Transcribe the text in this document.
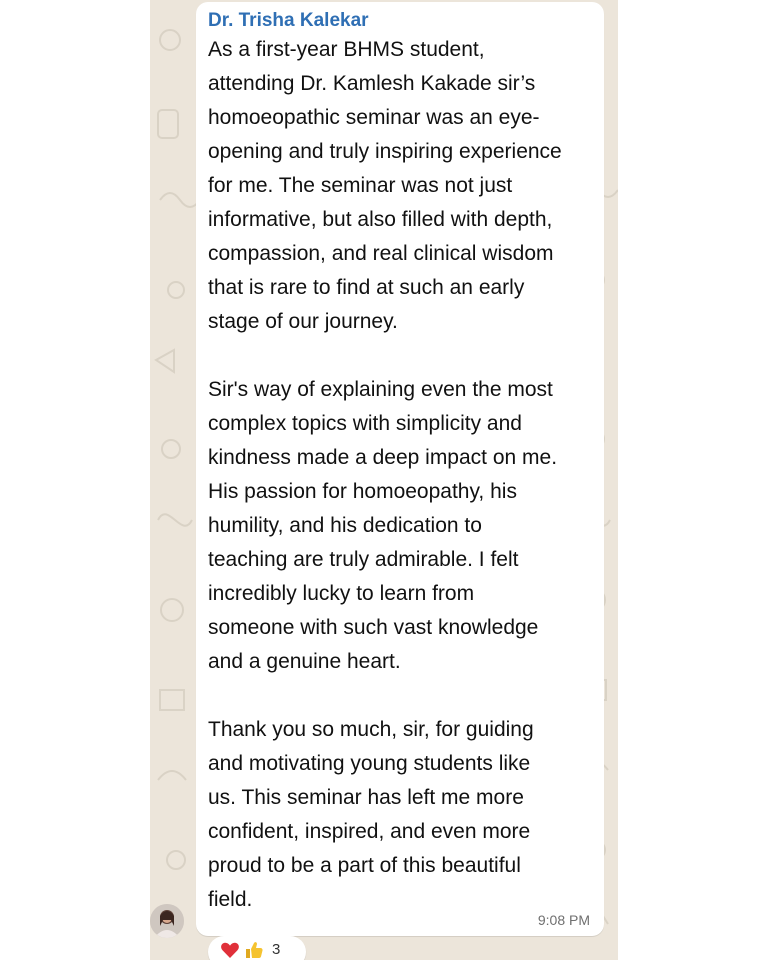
Dr. Trisha Kalekar

As a first-year BHMS student,
attending Dr. Kamlesh Kakade sir’s
homoeopathic seminar was an eye-
opening and truly inspiring experience
for me. The seminar was not just
informative, but also filled with depth,
compassion, and real clinical wisdom
that is rare to find at such an early
stage of our journey.

Sir's way of explaining even the most
complex topics with simplicity and
kindness made a deep impact on me.
His passion for homoeopathy, his
humility, and his dedication to
teaching are truly admirable. I felt
incredibly lucky to learn from
someone with such vast knowledge
and a genuine heart.

Thank you so much, sir, for guiding
and motivating young students like
us. This seminar has left me more
confident, inspired, and even more
proud to be a part of this beautiful
field.

9:08 PM
3
